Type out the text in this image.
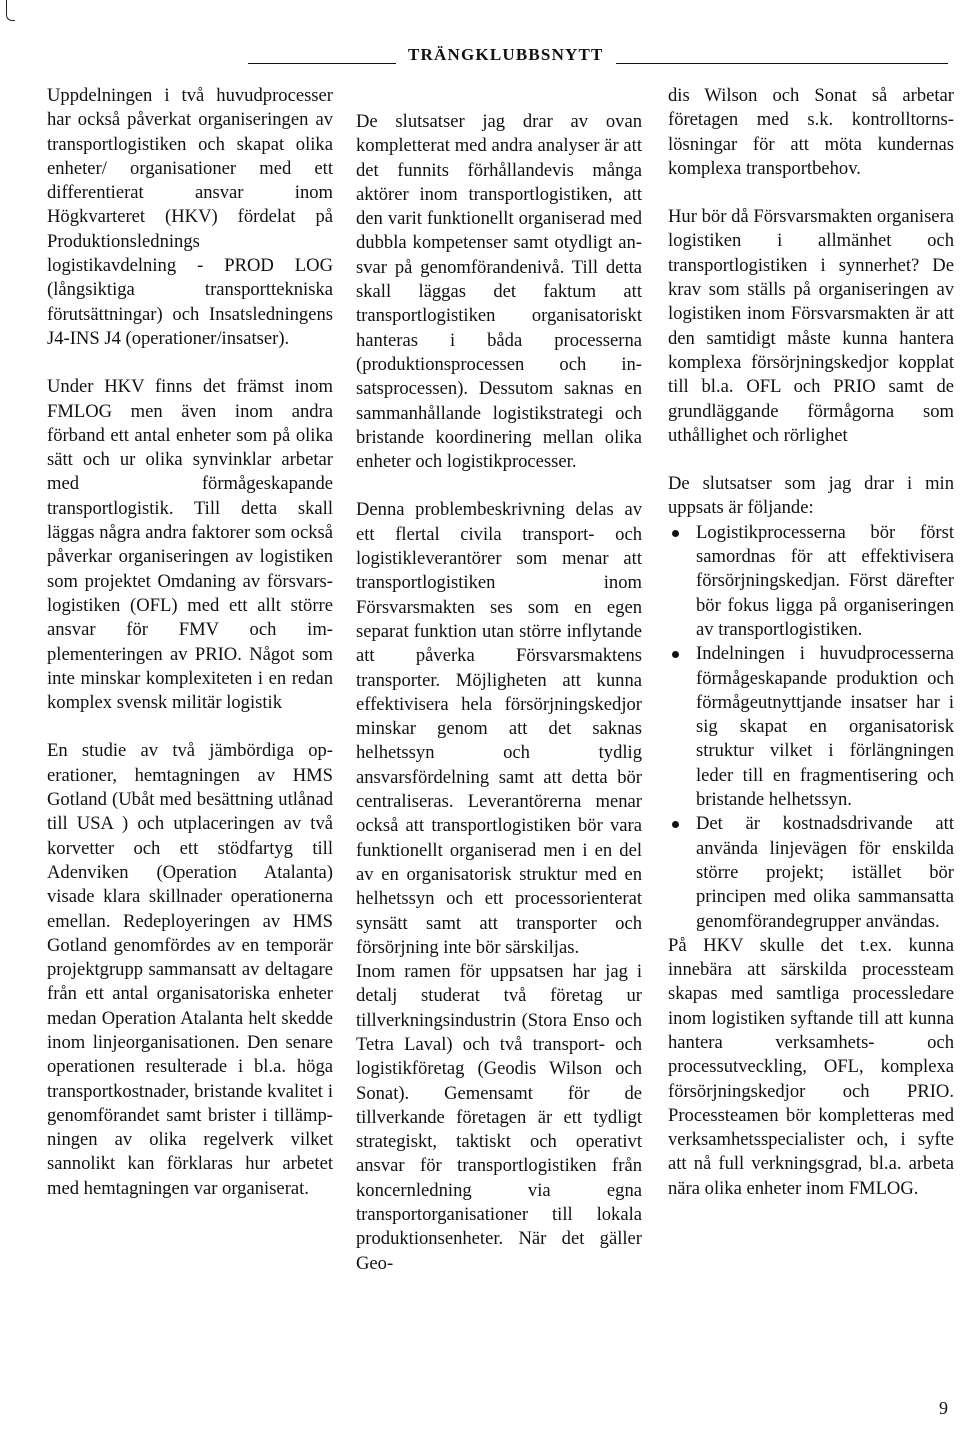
TRÄNGKLUBBSNYTT

Uppdelningen i två huvudprocesser har också påverkat organiseringen av transportlogistiken och skapat olika enheter/ organisationer med ett differentierat ansvar inom Högkvarteret (HKV) fördelat på Produktionslednings logistikavdelning - PROD LOG (långsiktiga transporttekniska förutsättningar) och Insatsledningens J4-INS J4 (operationer/insatser).

Under HKV finns det främst inom FMLOG men även inom andra förband ett antal enheter som på olika sätt och ur olika synvinklar arbetar med förmågeskapande transportlogistik. Till detta skall läggas några andra faktorer som också påverkar organiseringen av logistiken som projektet Omdaning av försvarslogistiken (OFL) med ett allt större ansvar för FMV och implementeringen av PRIO. Något som inte minskar komplexiteten i en redan komplex svensk militär logistik

En studie av två jämbördiga operationer, hemtagningen av HMS Gotland (Ubåt med besättning utlånad till USA ) och utplaceringen av två korvetter och ett stödfartyg till Adenviken (Operation Atalanta) visade klara skillnader operationerna emellan. Redeployeringen av HMS Gotland genomfördes av en temporär projektgrupp sammansatt av deltagare från ett antal organisatoriska enheter medan Operation Atalanta helt skedde inom linjeorganisationen. Den senare operationen resulterade i bl.a. höga transportkostnader, bristande kvalitet i genomförandet samt brister i tillämpningen av olika regelverk vilket sannolikt kan förklaras hur arbetet med hemtagningen var organiserat.

De slutsatser jag drar av ovan kompletterat med andra analyser är att det funnits förhållandevis många aktörer inom transportlogistiken, att den varit funktionellt organiserad med dubbla kompetenser samt otydligt ansvar på genomförandenivå. Till detta skall läggas det faktum att transportlogistiken organisatoriskt hanteras i båda processerna (produktionsprocessen och insatsprocessen). Dessutom saknas en sammanhållande logistikstrategi och bristande koordinering mellan olika enheter och logistikprocesser.

Denna problembeskrivning delas av ett flertal civila transport- och logistikleverantörer som menar att transportlogistiken inom Försvarsmakten ses som en egen separat funktion utan större inflytande att påverka Försvarsmaktens transporter. Möjligheten att kunna effektivisera hela försörjningskedjor minskar genom att det saknas helhetssyn och tydlig ansvarsfördelning samt att detta bör centraliseras. Leverantörerna menar också att transportlogistiken bör vara funktionellt organiserad men i en del av en organisatorisk struktur med en helhetssyn och ett processorienterat synsätt samt att transporter och försörjning inte bör särskiljas.

Inom ramen för uppsatsen har jag i detalj studerat två företag ur tillverkningsindustrin (Stora Enso och Tetra Laval) och två transport- och logistikföretag (Geodis Wilson och Sonat). Gemensamt för de tillverkande företagen är ett tydligt strategiskt, taktiskt och operativt ansvar för transportlogistiken från koncernledning via egna transportorganisationer till lokala produktionsenheter. När det gäller Geo-

dis Wilson och Sonat så arbetar företagen med s.k. kontrolltornslösningar för att möta kundernas komplexa transportbehov.

Hur bör då Försvarsmakten organisera logistiken i allmänhet och transportlogistiken i synnerhet? De krav som ställs på organiseringen av logistiken inom Försvarsmakten är att den samtidigt måste kunna hantera komplexa försörjningskedjor kopplat till bl.a. OFL och PRIO samt de grundläggande förmågorna som uthållighet och rörlighet

De slutsatser som jag drar i min uppsats är följande:

Logistikprocesserna bör först samordnas för att effektivisera försörjningskedjan. Först därefter bör fokus ligga på organiseringen av transportlogistiken.
Indelningen i huvudprocesserna förmågeskapande produktion och förmågeutnyttjande insatser har i sig skapat en organisatorisk struktur vilket i förlängningen leder till en fragmentisering och bristande helhetssyn.
Det är kostnadsdrivande att använda linjevägen för enskilda större projekt; istället bör principen med olika sammansatta genomförandegrupper användas.

På HKV skulle det t.ex. kunna innebära att särskilda processteam skapas med samtliga processledare inom logistiken syftande till att kunna hantera verksamhets- och processutveckling, OFL, komplexa försörjningskedjor och PRIO. Processteamen bör kompletteras med verksamhetsspecialister och, i syfte att nå full verkningsgrad, bl.a. arbeta nära olika enheter inom FMLOG.

9
